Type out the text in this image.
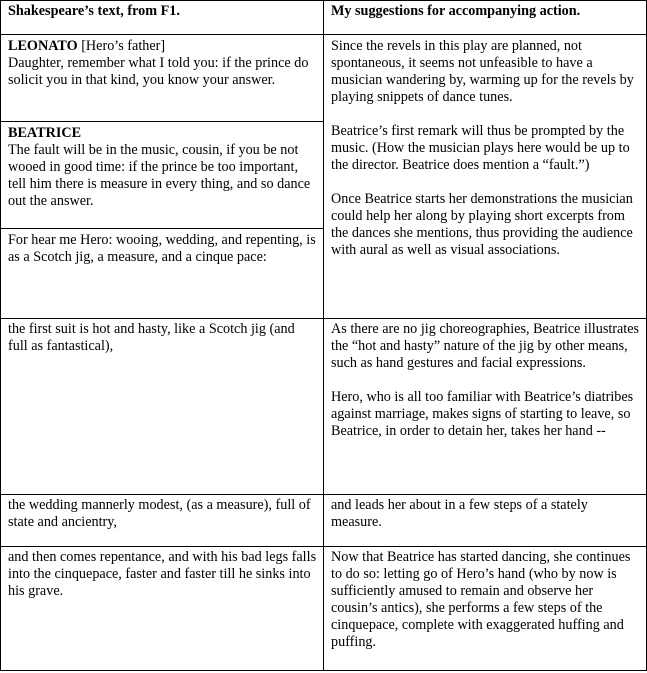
Shakespeare’s text, from F1.	My suggestions for accompanying action.
LEONATO [Hero’s father]

Daughter, remember what I told you: if the prince do solicit you in that kind, you know your answer.

BEATRICE

The fault will be in the music, cousin, if you be not wooed in good time: if the prince be too important, tell him there is measure in every thing, and so dance out the answer.

For hear me Hero: wooing, wedding, and repenting, is as a Scotch jig, a measure, and a cinque pace:

the first suit is hot and hasty, like a Scotch jig (and full as fantastical),

the wedding mannerly modest, (as a measure), full of state and ancientry,

and then comes repentance, and with his bad legs falls into the cinquepace, faster and faster till he sinks into his grave.

Since the revels in this play are planned, not spontaneous, it seems not unfeasible to have a musician wandering by, warming up for the revels by playing snippets of dance tunes.

Beatrice’s first remark will thus be prompted by the music. (How the musician plays here would be up to the director. Beatrice does mention a “fault.”)

Once Beatrice starts her demonstrations the musician could help her along by playing short excerpts from the dances she mentions, thus providing the audience with aural as well as visual associations.

As there are no jig choreographies, Beatrice illustrates the “hot and hasty” nature of the jig by other means, such as hand gestures and facial expressions.

Hero, who is all too familiar with Beatrice’s diatribes against marriage, makes signs of starting to leave, so Beatrice, in order to detain her, takes her hand --

and leads her about in a few steps of a stately measure.

Now that Beatrice has started dancing, she continues to do so: letting go of Hero’s hand (who by now is sufficiently amused to remain and observe her cousin’s antics), she performs a few steps of the cinquepace, complete with exaggerated huffing and puffing.
